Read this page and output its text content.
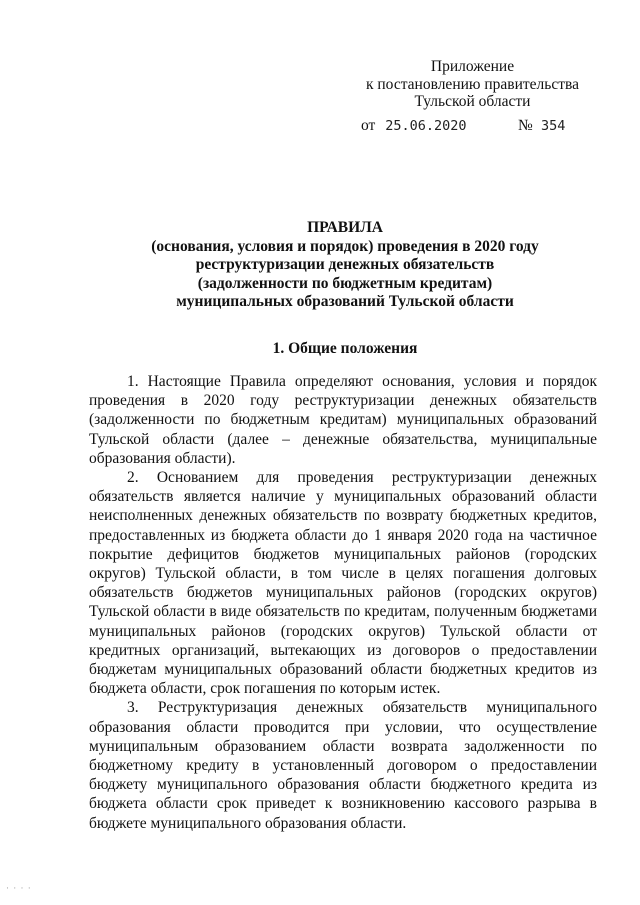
Приложение
к постановлению правительства
Тульской области
от 25.06.2020	№ 354
ПРАВИЛА
(основания, условия и порядок) проведения в 2020 году
реструктуризации денежных обязательств
(задолженности по бюджетным кредитам)
муниципальных образований Тульской области
1. Общие положения

1. Настоящие Правила определяют основания, условия и порядок проведения в 2020 году реструктуризации денежных обязательств (задолженности по бюджетным кредитам) муниципальных образований Тульской области (далее – денежные обязательства, муниципальные образования области).

2. Основанием для проведения реструктуризации денежных обязательств является наличие у муниципальных образований области неисполненных денежных обязательств по возврату бюджетных кредитов, предоставленных из бюджета области до 1 января 2020 года на частичное покрытие дефицитов бюджетов муниципальных районов (городских округов) Тульской области, в том числе в целях погашения долговых обязательств бюджетов муниципальных районов (городских округов) Тульской области в виде обязательств по кредитам, полученным бюджетами муниципальных районов (городских округов) Тульской области от кредитных организаций, вытекающих из договоров о предоставлении бюджетам муниципальных образований области бюджетных кредитов из бюджета области, срок погашения по которым истек.

3. Реструктуризация денежных обязательств муниципального образования области проводится при условии, что осуществление муниципальным образованием области возврата задолженности по бюджетному кредиту в установленный договором о предоставлении бюджету муниципального образования области бюджетного кредита из бюджета области срок приведет к возникновению кассового разрыва в бюджете муниципального образования области.

· · · ·
